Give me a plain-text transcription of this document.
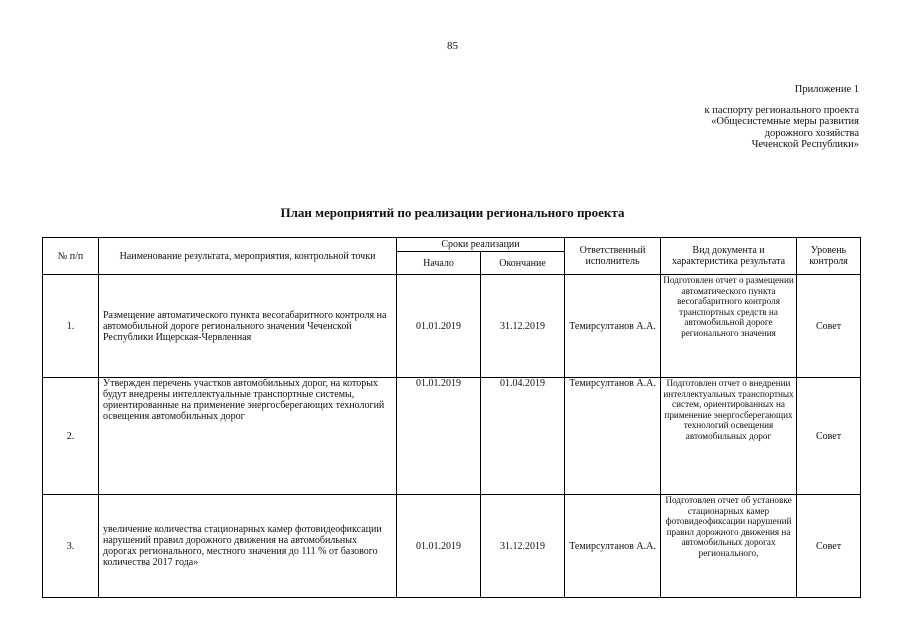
85
Приложение 1
к паспорту регионального проекта
«Общесистемные меры развития
дорожного хозяйства
Чеченской Республики»
План мероприятий по реализации регионального проекта
№ п/п	Наименование результата, мероприятия, контрольной точки	Сроки реализации		Ответственный исполнитель	Вид документа и характеристика результата	Уровень контроля
		Начало	Окончание			
1.	Размещение автоматического пункта весогабаритного контроля на автомобильной дороге регионального значения Чеченской Республики Ищерская-Червленная	01.01.2019	31.12.2019	Темирсултанов А.А.	Подготовлен отчет о размещении автоматического пункта весогабаритного контроля транспортных средств на автомобильной дороге регионального значения	Совет
2.	Утвержден перечень участков автомобильных дорог, на которых будут внедрены интеллектуальные транспортные системы, ориентированные на применение энергосберегающих технологий освещения автомобильных дорог	01.01.2019	01.04.2019	Темирсултанов А.А.	Подготовлен отчет о внедрении интеллектуальных транспортных систем, ориентированных на применение энергосберегающих технологий освещения автомобильных дорог	Совет
3.	увеличение количества стационарных камер фотовидеофиксации нарушений правил дорожного движения на автомобильных дорогах регионального, местного значения до 111 % от базового количества 2017 года»	01.01.2019	31.12.2019	Темирсултанов А.А.	Подготовлен отчет об установке стационарных камер фотовидеофиксации нарушений правил дорожного движения на автомобильных дорогах регионального,	Совет
